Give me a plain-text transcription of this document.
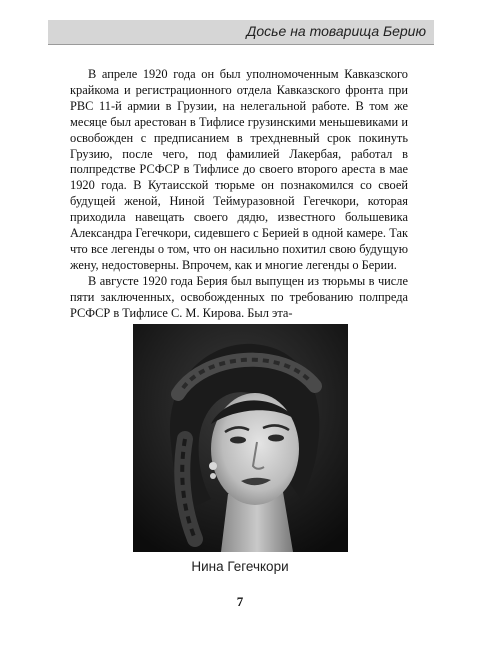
Досье на товарища Берию

В апреле 1920 года он был уполномоченным Кавказского крайкома и регистрационного отдела Кавказского фронта при РВС 11-й армии в Грузии, на нелегальной работе. В том же месяце был арестован в Тифлисе грузинскими меньшевиками и освобожден с предписанием в трехдневный срок покинуть Грузию, после чего, под фамилией Лакербая, работал в полпредстве РСФСР в Тифлисе до своего второго ареста в мае 1920 года. В Кутаисской тюрьме он познакомился со своей будущей женой, Ниной Теймуразовной Гегечкори, которая приходила навещать своего дядю, известного большевика Александра Гегечкори, сидевшего с Берией в одной камере. Так что все легенды о том, что он насильно похитил свою будущую жену, недостоверны. Впрочем, как и многие легенды о Берии.

В августе 1920 года Берия был выпущен из тюрьмы в числе пяти заключенных, освобожденных по требованию полпреда РСФСР в Тифлисе С. М. Кирова. Был эта-

Нина Гегечкори
7
